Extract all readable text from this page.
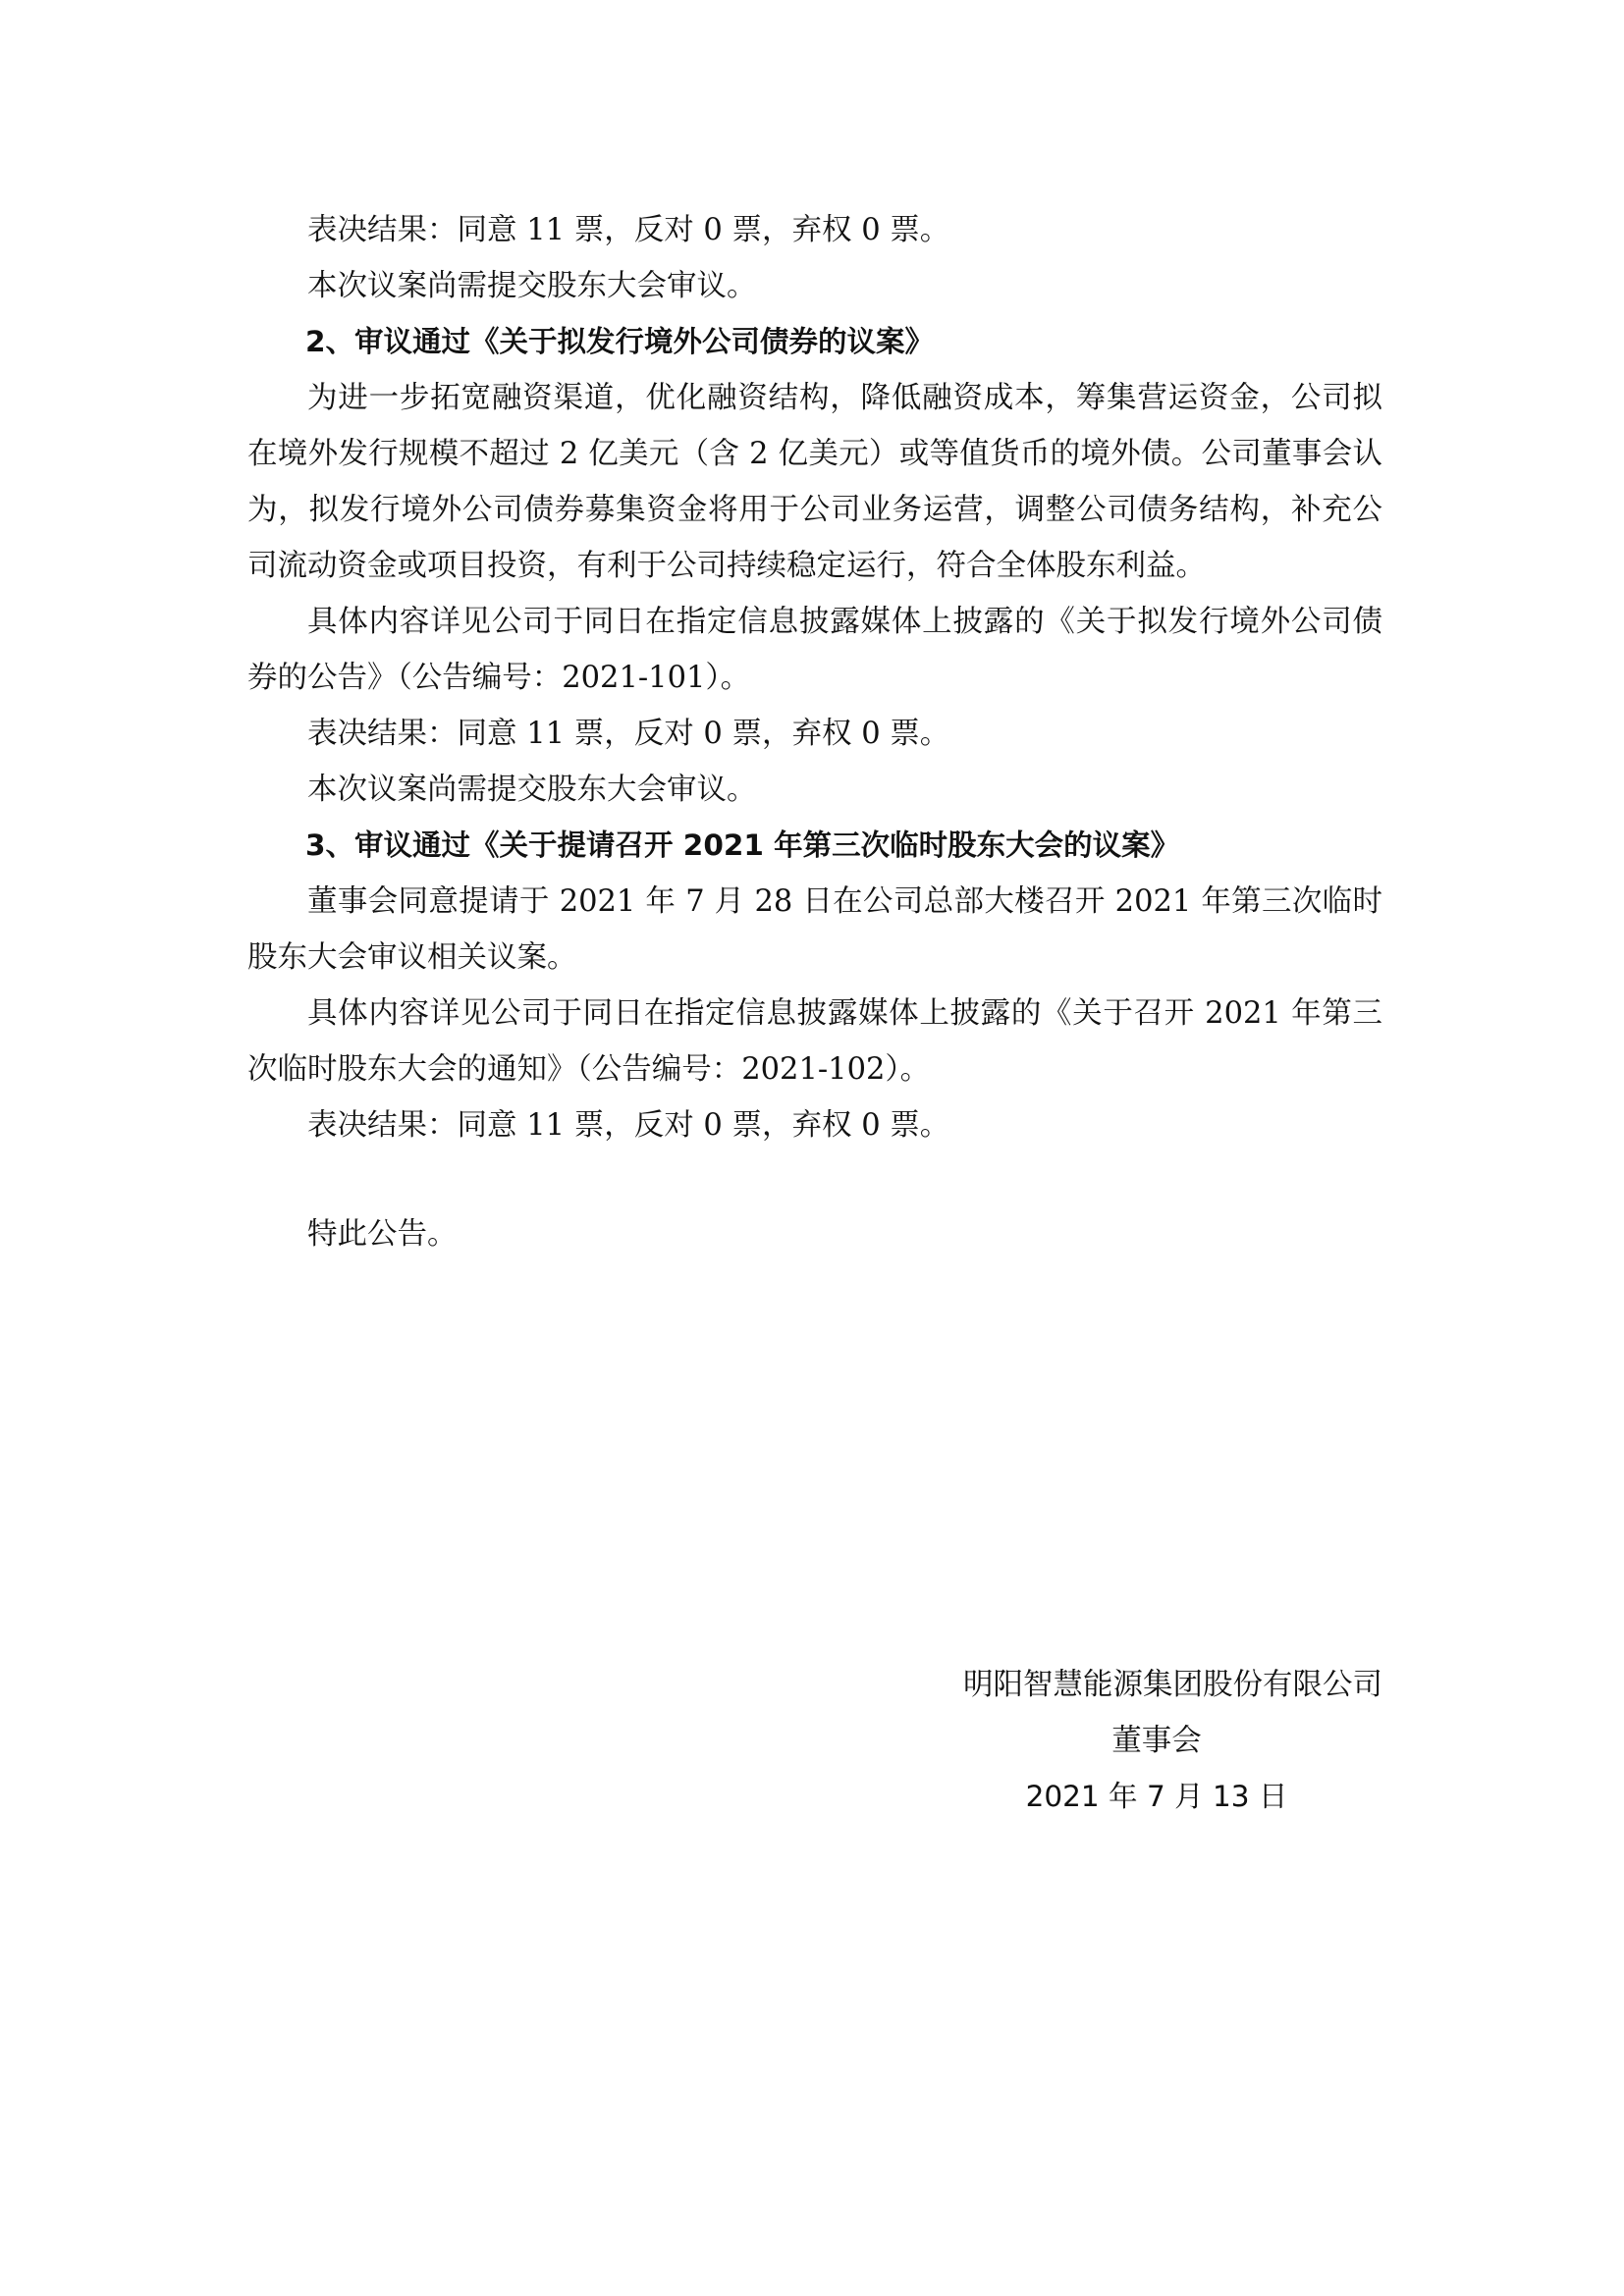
表决结果：同意 11 票，反对 0 票，弃权 0 票。

本次议案尚需提交股东大会审议。

2、审议通过《关于拟发行境外公司债券的议案》

为进一步拓宽融资渠道，优化融资结构，降低融资成本，筹集营运资金，公司拟在境外发行规模不超过 2 亿美元（含 2 亿美元）或等值货币的境外债。公司董事会认为，拟发行境外公司债券募集资金将用于公司业务运营，调整公司债务结构，补充公司流动资金或项目投资，有利于公司持续稳定运行，符合全体股东利益。

具体内容详见公司于同日在指定信息披露媒体上披露的《关于拟发行境外公司债券的公告》（公告编号：2021-101）。

表决结果：同意 11 票，反对 0 票，弃权 0 票。

本次议案尚需提交股东大会审议。

3、审议通过《关于提请召开 2021 年第三次临时股东大会的议案》

董事会同意提请于 2021 年 7 月 28 日在公司总部大楼召开 2021 年第三次临时股东大会审议相关议案。

具体内容详见公司于同日在指定信息披露媒体上披露的《关于召开 2021 年第三次临时股东大会的通知》（公告编号：2021-102）。

表决结果：同意 11 票，反对 0 票，弃权 0 票。

特此公告。

明阳智慧能源集团股份有限公司

董事会

2021 年 7 月 13 日
